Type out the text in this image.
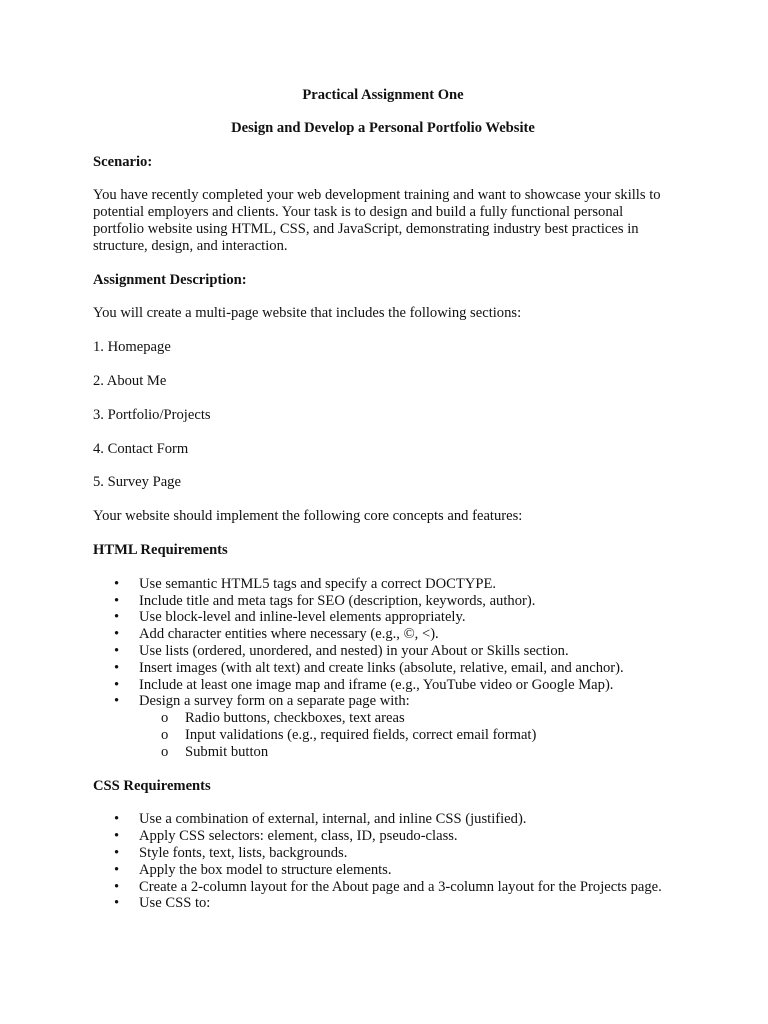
Practical Assignment One

Design and Develop a Personal Portfolio Website

Scenario:

You have recently completed your web development training and want to showcase your skills to potential employers and clients. Your task is to design and build a fully functional personal portfolio website using HTML, CSS, and JavaScript, demonstrating industry best practices in structure, design, and interaction.

Assignment Description:

You will create a multi-page website that includes the following sections:

1. Homepage

2. About Me

3. Portfolio/Projects

4. Contact Form

5. Survey Page

Your website should implement the following core concepts and features:

HTML Requirements

• Use semantic HTML5 tags and specify a correct DOCTYPE.
• Include title and meta tags for SEO (description, keywords, author).
• Use block-level and inline-level elements appropriately.
• Add character entities where necessary (e.g., ©, <).
• Use lists (ordered, unordered, and nested) in your About or Skills section.
• Insert images (with alt text) and create links (absolute, relative, email, and anchor).
• Include at least one image map and iframe (e.g., YouTube video or Google Map).
• Design a survey form on a separate page with:
o Radio buttons, checkboxes, text areas
o Input validations (e.g., required fields, correct email format)
o Submit button

CSS Requirements

• Use a combination of external, internal, and inline CSS (justified).
• Apply CSS selectors: element, class, ID, pseudo-class.
• Style fonts, text, lists, backgrounds.
• Apply the box model to structure elements.
• Create a 2-column layout for the About page and a 3-column layout for the Projects page.
• Use CSS to:
